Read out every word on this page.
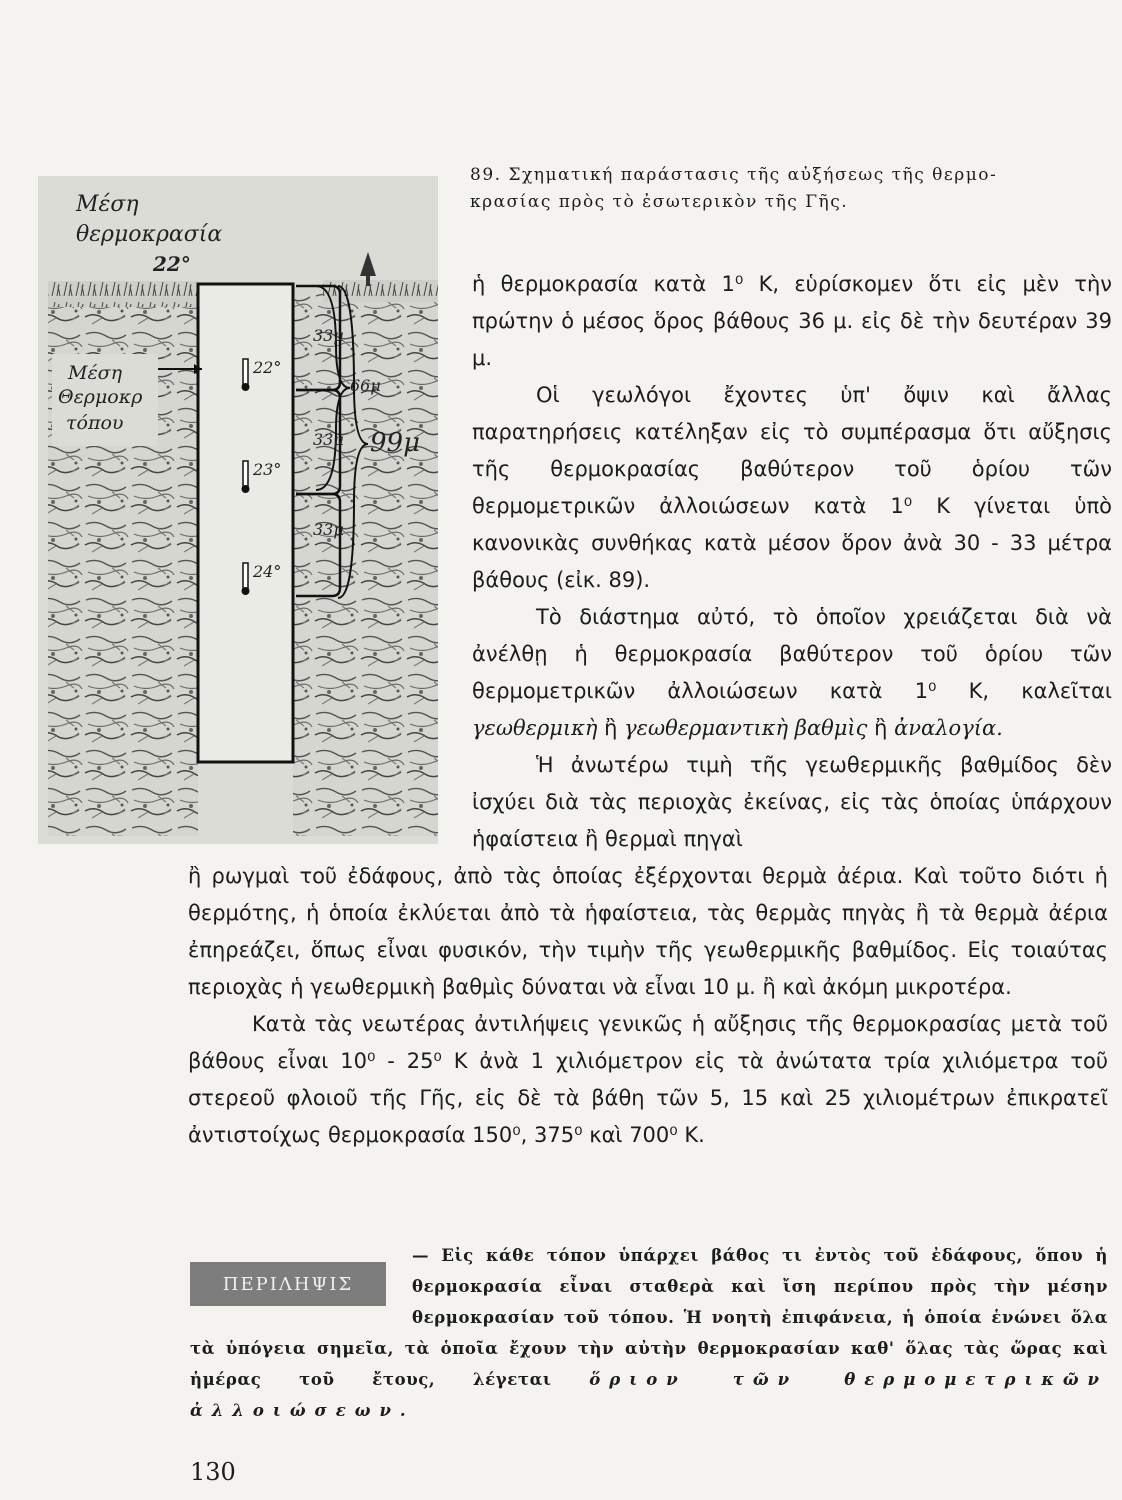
Μέση
θερμοκρασία
22°
Μέση
Θερμοκρ
τόπου
22°
23°
24°
33μ
33μ
33μ
66μ
99μ

89. Σχηματική παράστασις τῆς αὐξήσεως τῆς θερμο-

κρασίας πρὸς τὸ ἐσωτερικὸν τῆς Γῆς.

ἡ θερμοκρασία κατὰ 1⁰ K, εὑρίσκομεν ὅτι εἰς μὲν τὴν πρώτην ὁ μέσος ὅρος βάθους 36 μ. εἰς δὲ τὴν δευτέραν 39 μ.

Οἱ γεωλόγοι ἔχοντες ὑπ' ὄψιν καὶ ἄλλας παρατηρήσεις κατέληξαν εἰς τὸ συμπέρασμα ὅτι αὔξησις τῆς θερμοκρασίας βαθύτερον τοῦ ὁρίου τῶν θερμομετρικῶν ἀλλοιώσεων κατὰ 1⁰ K γίνεται ὑπὸ κανονικὰς συνθήκας κατὰ μέσον ὅρον ἀνὰ 30 - 33 μέτρα βάθους (εἰκ. 89).

Τὸ διάστημα αὐτό, τὸ ὁποῖον χρειάζεται διὰ νὰ ἀνέλθῃ ἡ θερμοκρασία βαθύτερον τοῦ ὁρίου τῶν θερμομετρικῶν ἀλλοιώσεων κατὰ 1⁰ K, καλεῖται γεωθερμικὴ ἢ γεωθερμαντικὴ βαθμὶς ἢ ἀναλογία.

Ἡ ἀνωτέρω τιμὴ τῆς γεωθερμικῆς βαθμίδος δὲν ἰσχύει διὰ τὰς περιοχὰς ἐκείνας, εἰς τὰς ὁποίας ὑπάρχουν ἡφαίστεια ἢ θερμαὶ πηγαὶ

ἢ ρωγμαὶ τοῦ ἐδάφους, ἀπὸ τὰς ὁποίας ἐξέρχονται θερμὰ ἀέρια. Καὶ τοῦτο διότι ἡ θερμότης, ἡ ὁποία ἐκλύεται ἀπὸ τὰ ἡφαίστεια, τὰς θερμὰς πηγὰς ἢ τὰ θερμὰ ἀέρια ἐπηρεάζει, ὅπως εἶναι φυσικόν, τὴν τιμὴν τῆς γεωθερμικῆς βαθμίδος. Εἰς τοιαύτας περιοχὰς ἡ γεωθερμικὴ βαθμὶς δύναται νὰ εἶναι 10 μ. ἢ καὶ ἀκόμη μικροτέρα.

Κατὰ τὰς νεωτέρας ἀντιλήψεις γενικῶς ἡ αὔξησις τῆς θερμοκρασίας μετὰ τοῦ βάθους εἶναι 10⁰ - 25⁰ K ἀνὰ 1 χιλιόμετρον εἰς τὰ ἀνώτατα τρία χιλιόμετρα τοῦ στερεοῦ φλοιοῦ τῆς Γῆς, εἰς δὲ τὰ βάθη τῶν 5, 15 καὶ 25 χιλιομέτρων ἐπικρατεῖ ἀντιστοίχως θερμοκρασία 150⁰, 375⁰ καὶ 700⁰ K.

— Εἰς κάθε τόπον ὑπάρχει βάθος τι ἐντὸς τοῦ ἐδάφους, ὅπου ἡ θερμοκρασία εἶναι σταθερὰ καὶ ἴση περίπου πρὸς τὴν μέσην θερμοκρασίαν τοῦ τόπου. Ἡ νοητὴ ἐπιφάνεια, ἡ ὁποία ἑνώνει ὅλα τὰ ὑπόγεια σημεῖα, τὰ ὁποῖα ἔχουν τὴν αὐτὴν θερμοκρασίαν καθ' ὅλας τὰς ὥρας καὶ ἡμέρας τοῦ ἔτους, λέγεται ὅριον τῶν θερμομετρικῶν ἀλλοιώσεων.

ΠΕΡΙΛΗΨΙΣ
130
